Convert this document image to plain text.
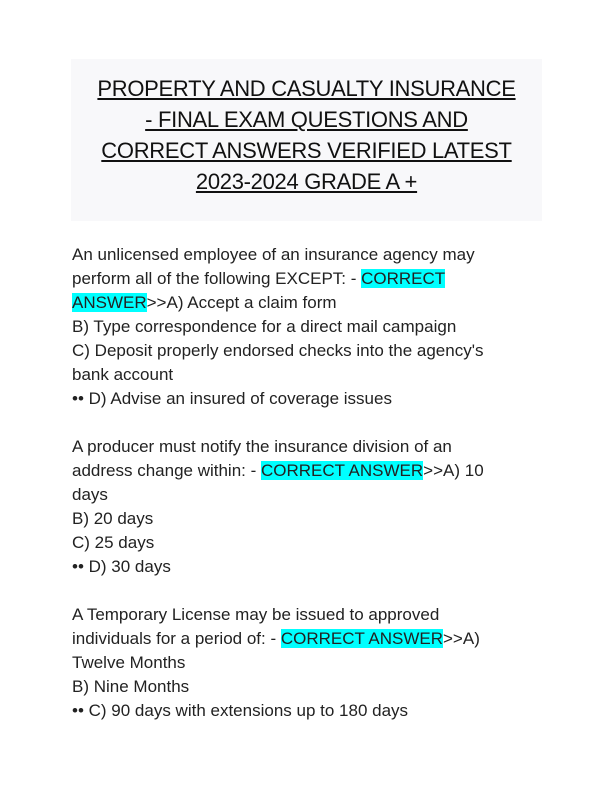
PROPERTY AND CASUALTY INSURANCE
- FINAL EXAM QUESTIONS AND
CORRECT ANSWERS VERIFIED LATEST
2023-2024 GRADE A +
An unlicensed employee of an insurance agency may
perform all of the following EXCEPT: - CORRECT
ANSWER>>A) Accept a claim form
B) Type correspondence for a direct mail campaign
C) Deposit properly endorsed checks into the agency's
bank account
•• D) Advise an insured of coverage issues
A producer must notify the insurance division of an
address change within: - CORRECT ANSWER>>A) 10
days
B) 20 days
C) 25 days
•• D) 30 days
A Temporary License may be issued to approved
individuals for a period of: - CORRECT ANSWER>>A)
Twelve Months
B) Nine Months
•• C) 90 days with extensions up to 180 days
